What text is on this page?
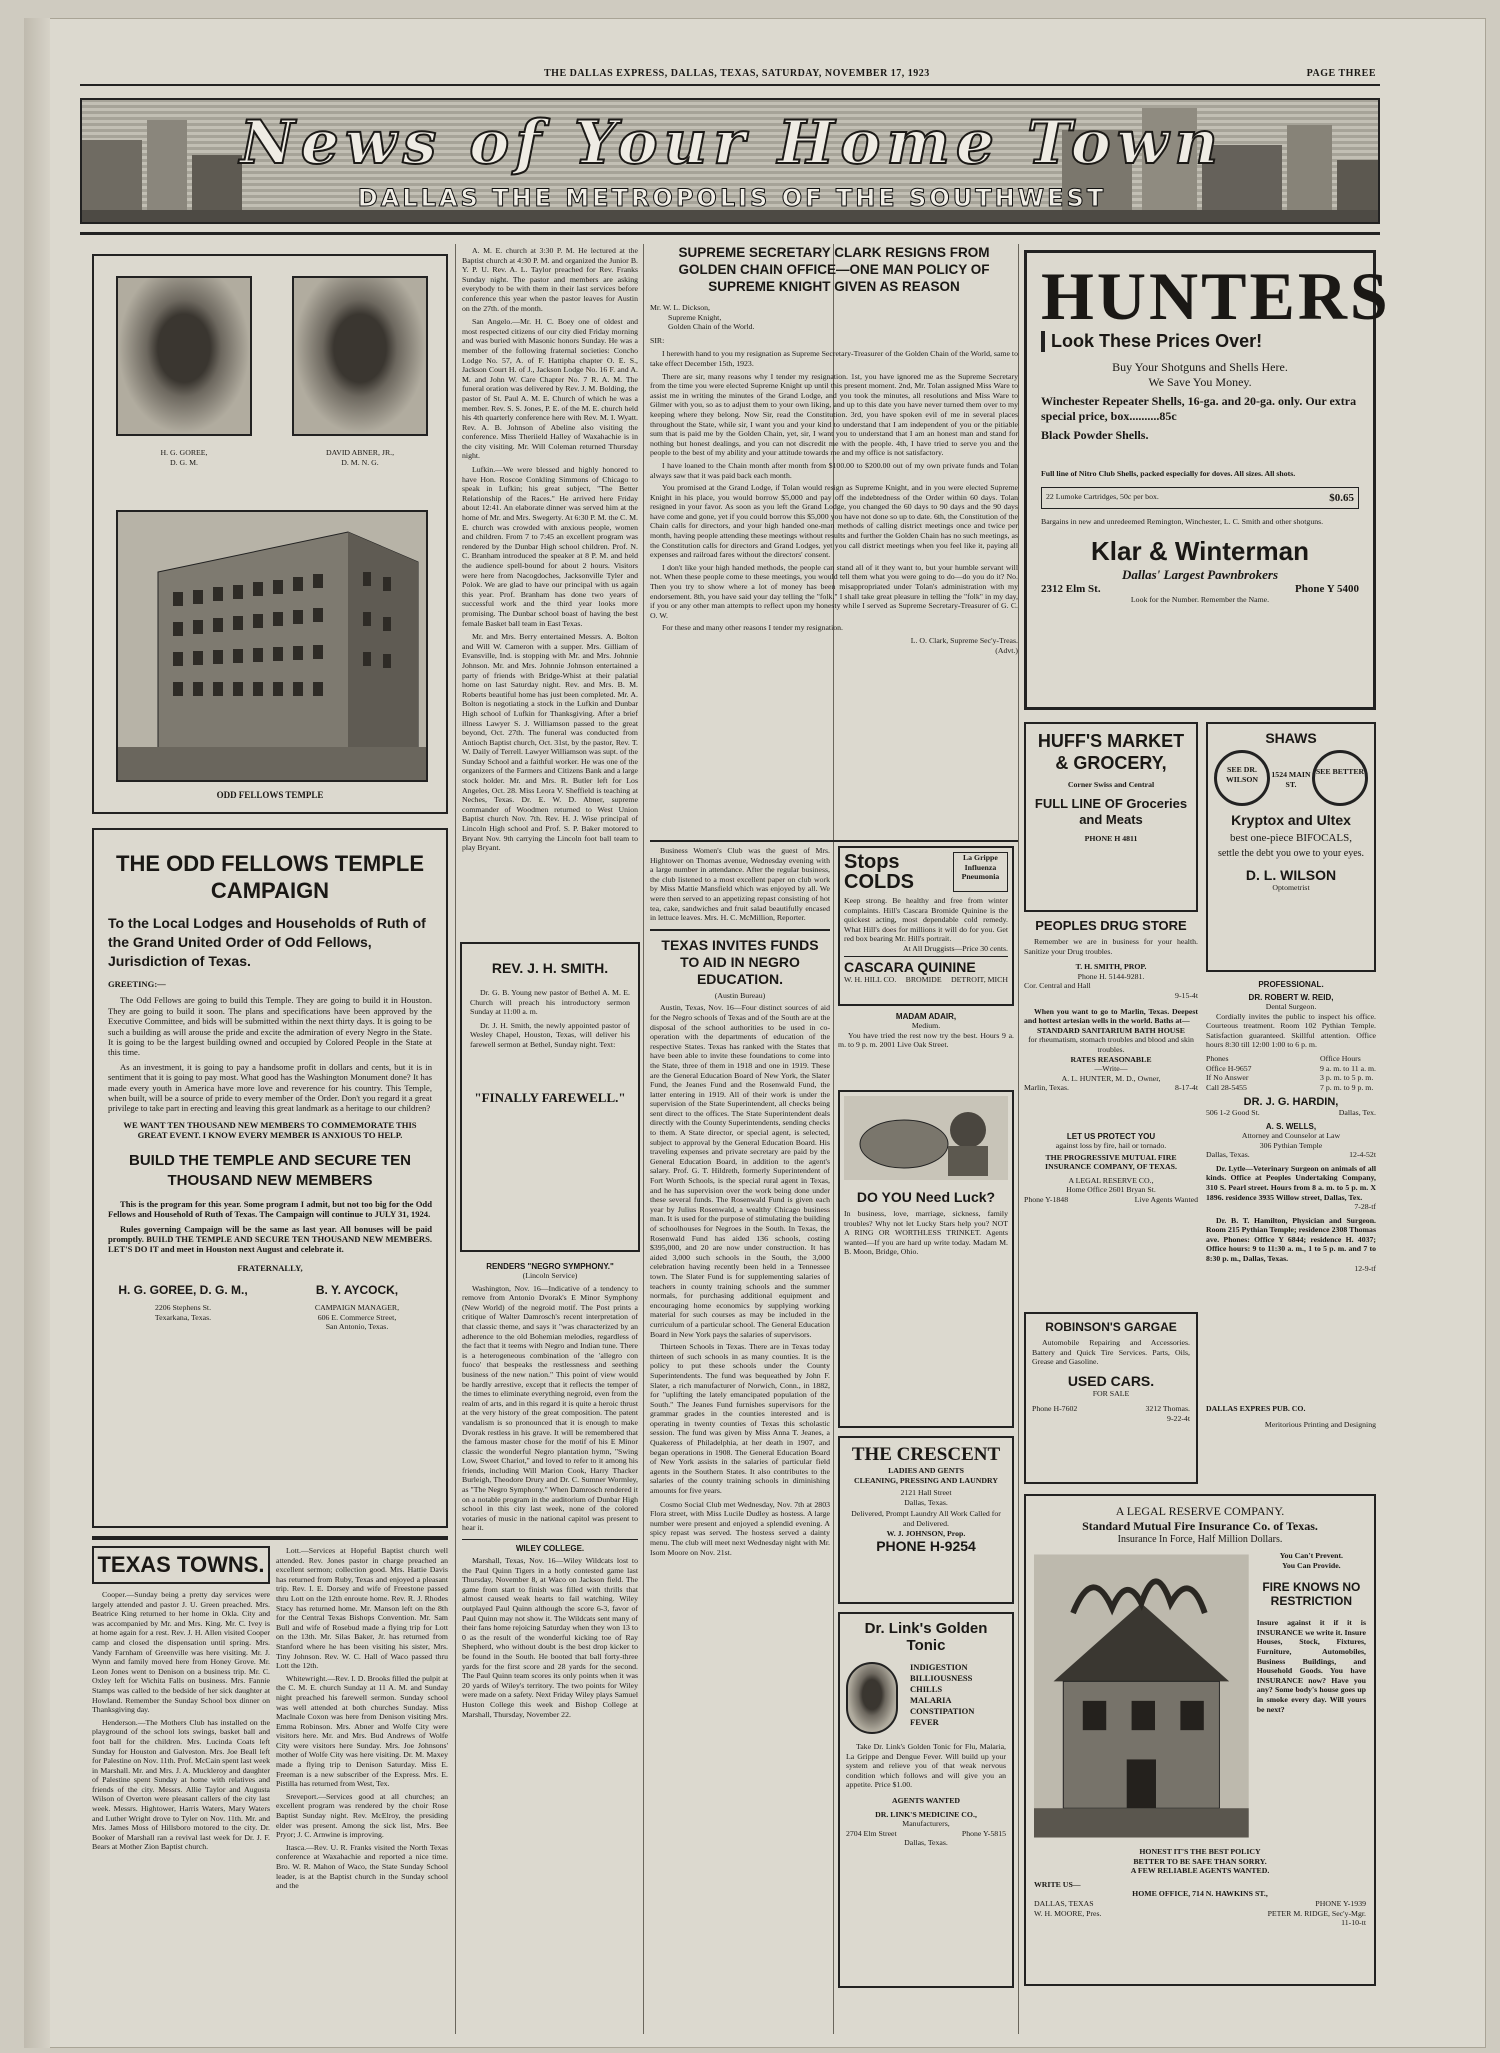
THE DALLAS EXPRESS, DALLAS, TEXAS, SATURDAY, NOVEMBER 17, 1923	PAGE THREE
News of Your Home Town
DALLAS THE METROPOLIS OF THE SOUTHWEST
H. G. GOREE,
D. G. M.
DAVID ABNER, JR.,
D. M. N. G.
ODD FELLOWS TEMPLE
THE ODD FELLOWS TEMPLE CAMPAIGN
To the Local Lodges and Households of Ruth of the Grand United Order of Odd Fellows, Jurisdiction of Texas.
GREETING:—

The Odd Fellows are going to build this Temple. They are going to build it in Houston. They are going to build it soon. The plans and specifications have been approved by the Executive Committee, and bids will be submitted within the next thirty days. It is going to be such a building as will arouse the pride and excite the admiration of every Negro in the State. It is going to be the largest building owned and occupied by Colored People in the State at this time.

As an investment, it is going to pay a handsome profit in dollars and cents, but it is in sentiment that it is going to pay most. What good has the Washington Monument done? It has made every youth in America have more love and reverence for his country. This Temple, when built, will be a source of pride to every member of the Order. Don't you regard it a great privilege to take part in erecting and leaving this great landmark as a heritage to our children?

WE WANT TEN THOUSAND NEW MEMBERS TO COMMEMORATE THIS GREAT EVENT. I KNOW EVERY MEMBER IS ANXIOUS TO HELP.

BUILD THE TEMPLE AND SECURE TEN THOUSAND NEW MEMBERS

This is the program for this year. Some program I admit, but not too big for the Odd Fellows and Household of Ruth of Texas. The Campaign will continue to JULY 31, 1924.

Rules governing Campaign will be the same as last year. All bonuses will be paid promptly. BUILD THE TEMPLE AND SECURE TEN THOUSAND NEW MEMBERS. LET'S DO IT and meet in Houston next August and celebrate it.

FRATERNALLY,
H. G. GOREE, D. G. M.,
2206 Stephens St.
Texarkana, Texas.
B. Y. AYCOCK,
CAMPAIGN MANAGER,
606 E. Commerce Street,
San Antonio, Texas.
TEXAS TOWNS.

Cooper.—Sunday being a pretty day services were largely attended and pastor J. U. Green preached. Mrs. Beatrice King returned to her home in Okla. City and was accompanied by Mr. and Mrs. King. Mr. C. Ivey is at home again for a rest. Rev. J. H. Allen visited Cooper camp and closed the dispensation until spring. Mrs. Vandy Farnham of Greenville was here visiting. Mr. J. Wynn and family moved here from Honey Grove. Mr. Leon Jones went to Denison on a business trip. Mr. C. Oxley left for Wichita Falls on business. Mrs. Fannie Stamps was called to the bedside of her sick daughter at Howland. Remember the Sunday School box dinner on Thanksgiving day.

Henderson.—The Mothers Club has installed on the playground of the school lots swings, basket ball and foot ball for the children. Mrs. Lucinda Coats left Sunday for Houston and Galveston. Mrs. Joe Beall left for Palestine on Nov. 11th. Prof. McCain spent last week in Marshall. Mr. and Mrs. J. A. Muckleroy and daughter of Palestine spent Sunday at home with relatives and friends of the city. Messrs. Allie Taylor and Augusta Wilson of Overton were pleasant callers of the city last week. Messrs. Hightower, Harris Waters, Mary Waters and Luther Wright drove to Tyler on Nov. 11th. Mr. and Mrs. James Moss of Hillsboro motored to the city. Dr. Booker of Marshall ran a revival last week for Dr. J. F. Bears at Mother Zion Baptist church.

Lott.—Services at Hopeful Baptist church well attended. Rev. Jones pastor in charge preached an excellent sermon; collection good. Mrs. Hattie Davis has returned from Ruby, Texas and enjoyed a pleasant trip. Rev. I. E. Dorsey and wife of Freestone passed thru Lott on the 12th enroute home. Rev. R. J. Rhodes Stacy has returned home. Mr. Manson left on the 8th for the Central Texas Bishops Convention. Mr. Sam Bull and wife of Rosebud made a flying trip for Lott on the 13th. Mr. Silas Baker, Jr. has returned from Stanford where he has been visiting his sister, Mrs. Tiny Johnson. Rev. W. C. Hall of Waco passed thru Lott the 12th.

Whitewright.—Rev. I. D. Brooks filled the pulpit at the C. M. E. church Sunday at 11 A. M. and Sunday night preached his farewell sermon. Sunday school was well attended at both churches Sunday. Miss Maclnale Coxon was here from Denison visiting Mrs. Emma Robinson. Mrs. Abner and Wolfe City were visitors here. Mr. and Mrs. Bud Andrews of Wolfe City were visitors here Sunday. Mrs. Joe Johnsons' mother of Wolfe City was here visiting. Dr. M. Maxey made a flying trip to Denison Saturday. Miss E. Freeman is a new subscriber of the Express. Mrs. E. Pistilla has returned from West, Tex.

Sreveport.—Services good at all churches; an excellent program was rendered by the choir Rose Baptist Sunday night. Rev. McElroy, the presiding elder was present. Among the sick list, Mrs. Bee Pryor; J. C. Arnwine is improving.

Itasca.—Rev. U. R. Franks visited the North Texas conference at Waxahachie and reported a nice time. Bro. W. R. Mahon of Waco, the State Sunday School leader, is at the Baptist church in the Sunday school and the

A. M. E. church at 3:30 P. M. He lectured at the Baptist church at 4:30 P. M. and organized the Junior B. Y. P. U. Rev. A. L. Taylor preached for Rev. Franks Sunday night. The pastor and members are asking everybody to be with them in their last services before conference this year when the pastor leaves for Austin on the 27th. of the month.

San Angelo.—Mr. H. C. Boey one of oldest and most respected citizens of our city died Friday morning and was buried with Masonic honors Sunday. He was a member of the following fraternal societies: Concho Lodge No. 57, A. of F. Hattipha chapter O. E. S., Jackson Court H. of J., Jackson Lodge No. 16 F. and A. M. and John W. Care Chapter No. 7 R. A. M. The funeral oration was delivered by Rev. J. M. Bolding, the pastor of St. Paul A. M. E. Church of which he was a member. Rev. S. S. Jones, P. E. of the M. E. church held his 4th quarterly conference here with Rev. M. I. Wyatt. Rev. A. B. Johnson of Abeline also visiting the conference. Miss Theriield Halley of Waxahachie is in the city visiting. Mr. Will Coleman returned Thursday night.

Lufkin.—We were blessed and highly honored to have Hon. Roscoe Conkling Simmons of Chicago to speak in Lufkin; his great subject, "The Better Relationship of the Races." He arrived here Friday about 12:41. An elaborate dinner was served him at the home of Mr. and Mrs. Swegerty. At 6:30 P. M. the C. M. E. church was crowded with anxious people, women and children. From 7 to 7:45 an excellent program was rendered by the Dunbar High school children. Prof. N. C. Branham introduced the speaker at 8 P. M. and held the audience spell-bound for about 2 hours. Visitors were here from Nacogdoches, Jacksonville Tyler and Polok. We are glad to have our principal with us again this year. Prof. Branham has done two years of successful work and the third year looks more promising. The Dunbar school boast of having the best female Basket ball team in East Texas.

Mr. and Mrs. Berry entertained Messrs. A. Bolton and Will W. Cameron with a supper. Mrs. Gilliam of Evansville, Ind. is stopping with Mr. and Mrs. Johnnie Johnson. Mr. and Mrs. Johnnie Johnson entertained a party of friends with Bridge-Whist at their palatial home on last Saturday night. Rev. and Mrs. B. M. Roberts beautiful home has just been completed. Mr. A. Bolton is negotiating a stock in the Lufkin and Dunbar High school of Lufkin for Thanksgiving. After a brief illness Lawyer S. J. Williamson passed to the great beyond, Oct. 27th. The funeral was conducted from Antioch Baptist church, Oct. 31st, by the pastor, Rev. T. W. Daily of Terrell. Lawyer Williamson was supt. of the Sunday School and a faithful worker. He was one of the organizers of the Farmers and Citizens Bank and a large stock holder. Mr. and Mrs. R. Butler left for Los Angeles, Oct. 28. Miss Leora V. Sheffield is teaching at Neches, Texas. Dr. E. W. D. Abner, supreme commander of Woodmen returned to West Union Baptist church Nov. 7th. Rev. H. J. Wise principal of Lincoln High school and Prof. S. P. Baker motored to Bryant Nov. 9th carrying the Lincoln foot ball team to play Bryant.

REV. J. H. SMITH.

Dr. G. B. Young new pastor of Bethel A. M. E. Church will preach his introductory sermon Sunday at 11:00 a. m.

Dr. J. H. Smith, the newly appointed pastor of Wesley Chapel, Houston, Texas, will deliver his farewell sermon at Bethel, Sunday night. Text:

"FINALLY FAREWELL."
RENDERS "NEGRO SYMPHONY."
(Lincoln Service)

Washington, Nov. 16—Indicative of a tendency to remove from Antonio Dvorak's E Minor Symphony (New World) of the negroid motif. The Post prints a critique of Walter Damrosch's recent interpretation of that classic theme, and says it "was characterized by an adherence to the old Bohemian melodies, regardless of the fact that it teems with Negro and Indian tune. There is a heterogeneous combination of the 'allegro con fuoco' that bespeaks the restlessness and seething business of the new nation." This point of view would be hardly arrestive, except that it reflects the temper of the times to eliminate everything negroid, even from the realm of arts, and in this regard it is quite a heroic thrust at the very history of the great composition. The patent vandalism is so pronounced that it is enough to make Dvorak restless in his grave. It will be remembered that the famous master chose for the motif of his E Minor classic the wonderful Negro plantation hymn, "Swing Low, Sweet Chariot," and loved to refer to it among his friends, including Will Marion Cook, Harry Thacker Burleigh, Theodore Drury and Dr. C. Sumner Wormley, as "The Negro Symphony." When Damrosch rendered it on a notable program in the auditorium of Dunbar High school in this city last week, none of the colored votaries of music in the national capitol was present to hear it.

WILEY COLLEGE.

Marshall, Texas, Nov. 16—Wiley Wildcats lost to the Paul Quinn Tigers in a hotly contested game last Thursday, November 8, at Waco on Jackson field. The game from start to finish was filled with thrills that almost caused weak hearts to fail watching. Wiley outplayed Paul Quinn although the score 6-3, favor of Paul Quinn may not show it. The Wildcats sent many of their fans home rejoicing Saturday when they won 13 to 0 as the result of the wonderful kicking toe of Ray Shepherd, who without doubt is the best drop kicker to be found in the South. He booted that ball forty-three yards for the first score and 28 yards for the second. The Paul Quinn team scores its only points when it was 20 yards of Wiley's territory. The two points for Wiley were made on a safety. Next Friday Wiley plays Samuel Huston College this week and Bishop College at Marshall, Thursday, November 22.

SUPREME SECRETARY CLARK RESIGNS FROM GOLDEN CHAIN OFFICE—ONE MAN POLICY OF SUPREME KNIGHT GIVEN AS REASON
Mr. W. L. Dickson,
Supreme Knight,
Golden Chain of the World.
SIR:

I herewith hand to you my resignation as Supreme Secretary-Treasurer of the Golden Chain of the World, same to take effect December 15th, 1923.

There are sir, many reasons why I tender my resignation. 1st, you have ignored me as the Supreme Secretary from the time you were elected Supreme Knight up until this present moment. 2nd, Mr. Tolan assigned Miss Ware to assist me in writing the minutes of the Grand Lodge, and you took the minutes, all resolutions and Miss Ware to Gilmer with you, so as to adjust them to your own liking, and up to this date you have never turned them over to my keeping where they belong. Now Sir, read the Constitution. 3rd, you have spoken evil of me in several places throughout the State, while sir, I want you and your kind to understand that I am independent of you or the pitiable sum that is paid me by the Golden Chain, yet, sir, I want you to understand that I am an honest man and stand for nothing but honest dealings, and you can not discredit me with the people. 4th, I have tried to serve you and the people to the best of my ability and your attitude towards me and my office is not satisfactory.

I have loaned to the Chain month after month from $100.00 to $200.00 out of my own private funds and Tolan always saw that it was paid back each month.

You promised at the Grand Lodge, if Tolan would resign as Supreme Knight, and in you were elected Supreme Knight in his place, you would borrow $5,000 and pay off the indebtedness of the Order within 60 days. Tolan resigned in your favor. As soon as you left the Grand Lodge, you changed the 60 days to 90 days and the 90 days have come and gone, yet if you could borrow this $5,000 you have not done so up to date. 6th, the Constitution of the Chain calls for directors, and your high handed one-man methods of calling district meetings once and twice per month, having people attending these meetings without results and further the Golden Chain has no such meetings, as the Constitution calls for directors and Grand Lodges, yet you call district meetings when you feel like it, paying all expenses and railroad fares without the directors' consent.

I don't like your high handed methods, the people can stand all of it they want to, but your humble servant will not. When these people come to these meetings, you would tell them what you were going to do—do you do it? No. Then you try to show where a lot of money has been misappropriated under Tolan's administration with my endorsement. 8th, you have said your day telling the "folk." I shall take great pleasure in telling the "folk" in my day, if you or any other man attempts to reflect upon my honesty while I served as Supreme Secretary-Treasurer of G. C. O. W.

For these and many other reasons I tender my resignation.

L. O. Clark, Supreme Sec'y-Treas.
(Advt.)

Business Women's Club was the guest of Mrs. Hightower on Thomas avenue, Wednesday evening with a large number in attendance. After the regular business, the club listened to a most excellent paper on club work by Miss Mattie Mansfield which was enjoyed by all. We were then served to an appetizing repast consisting of hot tea, cake, sandwiches and fruit salad beautifully encased in lettuce leaves. Mrs. H. C. McMillion, Reporter.

TEXAS INVITES FUNDS TO AID IN NEGRO EDUCATION.
(Austin Bureau)

Austin, Texas, Nov. 16—Four distinct sources of aid for the Negro schools of Texas and of the South are at the disposal of the school authorities to be used in co-operation with the departments of education of the respective States. Texas has ranked with the States that have been able to invite these foundations to come into the State, three of them in 1918 and one in 1919. These are the General Education Board of New York, the Slater Fund, the Jeanes Fund and the Rosenwald Fund, the latter entering in 1919. All of their work is under the supervision of the State Superintendent, all checks being sent direct to the offices. The State Superintendent deals directly with the County Superintendents, sending checks to them. A State director, or special agent, is selected, subject to approval by the General Education Board. His traveling expenses and private secretary are paid by the General Education Board, in addition to the agent's salary. Prof. G. T. Hildreth, formerly Superintendent of Fort Worth Schools, is the special rural agent in Texas, and he has supervision over the work being done under these several funds. The Rosenwald Fund is given each year by Julius Rosenwald, a wealthy Chicago business man. It is used for the purpose of stimulating the building of schoolhouses for Negroes in the South. In Texas, the Rosenwald Fund has aided 136 schools, costing $395,000, and 20 are now under construction. It has aided 3,000 such schools in the South, the 3,000 celebration having recently been held in a Tennessee town. The Slater Fund is for supplementing salaries of teachers in county training schools and the summer normals, for purchasing additional equipment and encouraging home economics by supplying working material for such courses as may be included in the curriculum of a particular school. The General Education Board in New York pays the salaries of supervisors.

Thirteen Schools in Texas. There are in Texas today thirteen of such schools in as many counties. It is the policy to put these schools under the County Superintendents. The fund was bequeathed by John F. Slater, a rich manufacturer of Norwich, Conn., in 1882, for "uplifting the lately emancipated population of the South." The Jeanes Fund furnishes supervisors for the grammar grades in the counties interested and is operating in twenty counties of Texas this scholastic session. The fund was given by Miss Anna T. Jeanes, a Quakeress of Philadelphia, at her death in 1907, and began operations in 1908. The General Education Board of New York assists in the salaries of particular field agents in the Southern States. It also contributes to the salaries of the county training schools in diminishing amounts for five years.

Cosmo Social Club met Wednesday, Nov. 7th at 2803 Flora street, with Miss Lucile Dudley as hostess. A large number were present and enjoyed a splendid evening. A spicy repast was served. The hostess served a dainty menu. The club will meet next Wednesday night with Mr. Isom Moore on Nov. 21st.

Stops COLDS
La Grippe Influenza Pneumonia

Keep strong. Be healthy and free from winter complaints. Hill's Cascara Bromide Quinine is the quickest acting, most dependable cold remedy. What Hill's does for millions it will do for you. Get red box bearing Mr. Hill's portrait.

At All Druggists—Price 30 cents.
CASCARA QUININE
W. H. HILL CO. BROMIDE DETROIT, MICH
MADAM ADAIR,
Medium.

You have tried the rest now try the best. Hours 9 a. m. to 9 p. m. 2001 Live Oak Street.

DO YOU Need Luck?

In business, love, marriage, sickness, family troubles? Why not let Lucky Stars help you? NOT A RING OR WORTHLESS TRINKET. Agents wanted—If you are hard up write today. Madam M. B. Moon, Bridge, Ohio.

THE CRESCENT
LADIES AND GENTS
CLEANING, PRESSING AND LAUNDRY
2121 Hall Street
Dallas, Texas.
Delivered, Prompt Laundry All Work Called for and Delivered.
W. J. JOHNSON, Prop.
PHONE H-9254
Dr. Link's Golden Tonic
INDIGESTION
BILLIOUSNESS
CHILLS
MALARIA
CONSTIPATION
FEVER

Take Dr. Link's Golden Tonic for Flu, Malaria, La Grippe and Dengue Fever. Will build up your system and relieve you of that weak nervous condition which follows and will give you an appetite. Price $1.00.

AGENTS WANTED
DR. LINK'S MEDICINE CO.,
Manufacturers,
2704 Elm Street	Phone Y-5815
Dallas, Texas.
HUNTERS
Look These Prices Over!
Buy Your Shotguns and Shells Here.
We Save You Money.
Winchester Repeater Shells, 16-ga. and 20-ga. only. Our extra special price, box..........85c
Black Powder Shells.
Full line of Nitro Club Shells, packed especially for doves. All sizes. All shots.
22 Lumoke Cartridges, 50c per box.	$0.65
Bargains in new and unredeemed Remington, Winchester, L. C. Smith and other shotguns.
Klar & Winterman
Dallas' Largest Pawnbrokers
2312 Elm St.	Phone Y 5400
Look for the Number. Remember the Name.
HUFF'S MARKET & GROCERY,
Corner Swiss and Central
FULL LINE OF Groceries and Meats
PHONE H 4811
SHAWS
SEE DR. WILSON
1524 MAIN ST.
SEE BETTER
Kryptox and Ultex
best one-piece BIFOCALS,
settle the debt you owe to your eyes.
D. L. WILSON
Optometrist
PEOPLES DRUG STORE

Remember we are in business for your health. Sanitize your Drug troubles.

T. H. SMITH, PROP.
Phone H. 5144-9281.
Cor. Central and Hall
9-15-4t

When you want to go to Marlin, Texas. Deepest and hottest artesian wells in the world. Baths at—

STANDARD SANITARIUM BATH HOUSE
for rheumatism, stomach troubles and blood and skin troubles.
RATES REASONABLE
—Write—
A. L. HUNTER, M. D., Owner,
Marlin, Texas.	8-17-4t
PROFESSIONAL.
DR. ROBERT W. REID,
Dental Surgeon.

Cordially invites the public to inspect his office. Courteous treatment. Room 102 Pythian Temple. Satisfaction guaranteed. Skillful attention. Office hours 8:30 till 12:00 1:00 to 6 p. m.

Phones
Office H-9657
If No Answer
Call 28-5455
Office Hours
9 a. m. to 11 a. m.
3 p. m. to 5 p. m.
7 p. m. to 9 p. m.
DR. J. G. HARDIN,
506 1-2 Good St.	Dallas, Tex.
A. S. WELLS,
Attorney and Counselor at Law
306 Pythian Temple
Dallas, Texas.	12-4-52t

Dr. Lytle—Veterinary Surgeon on animals of all kinds. Office at Peoples Undertaking Company, 310 S. Pearl street. Hours from 8 a. m. to 5 p. m. X 1896. residence 3935 Willow street, Dallas, Tex.

7-28-tf

Dr. B. T. Hamilton, Physician and Surgeon. Room 215 Pythian Temple; residence 2308 Thomas ave. Phones: Office Y 6844; residence H. 4037; Office hours: 9 to 11:30 a. m., 1 to 5 p. m. and 7 to 8:30 p. m., Dallas, Texas.

12-9-tf
DALLAS EXPRES PUB. CO.
Meritorious Printing and Designing
LET US PROTECT YOU
against loss by fire, hail or tornado.
THE PROGRESSIVE MUTUAL FIRE INSURANCE COMPANY, OF TEXAS.
A LEGAL RESERVE CO.,
Home Office 2601 Bryan St.
Phone Y-1848	Live Agents Wanted
ROBINSON'S GARGAE

Automobile Repairing and Accessories. Battery and Quick Tire Services. Parts, Oils, Grease and Gasoline.

USED CARS.
FOR SALE
Phone H-7602	3212 Thomas.
9-22-4t
A LEGAL RESERVE COMPANY.
Standard Mutual Fire Insurance Co. of Texas.
Insurance In Force, Half Million Dollars.
You Can't Prevent.
You Can Provide.
FIRE KNOWS NO RESTRICTION

Insure against it if it is INSURANCE we write it. Insure Houses, Stock, Fixtures, Furniture, Automobiles, Business Buildings, and Household Goods. You have INSURANCE now? Have you any? Some body's house goes up in smoke every day. Will yours be next?

HONEST IT'S THE BEST POLICY
BETTER TO BE SAFE THAN SORRY.
A FEW RELIABLE AGENTS WANTED.
WRITE US—
HOME OFFICE, 714 N. HAWKINS ST.,
DALLAS, TEXAS	PHONE Y-1939
W. H. MOORE, Pres.	PETER M. RIDGE, Sec'y-Mgr.
11-10-tt
